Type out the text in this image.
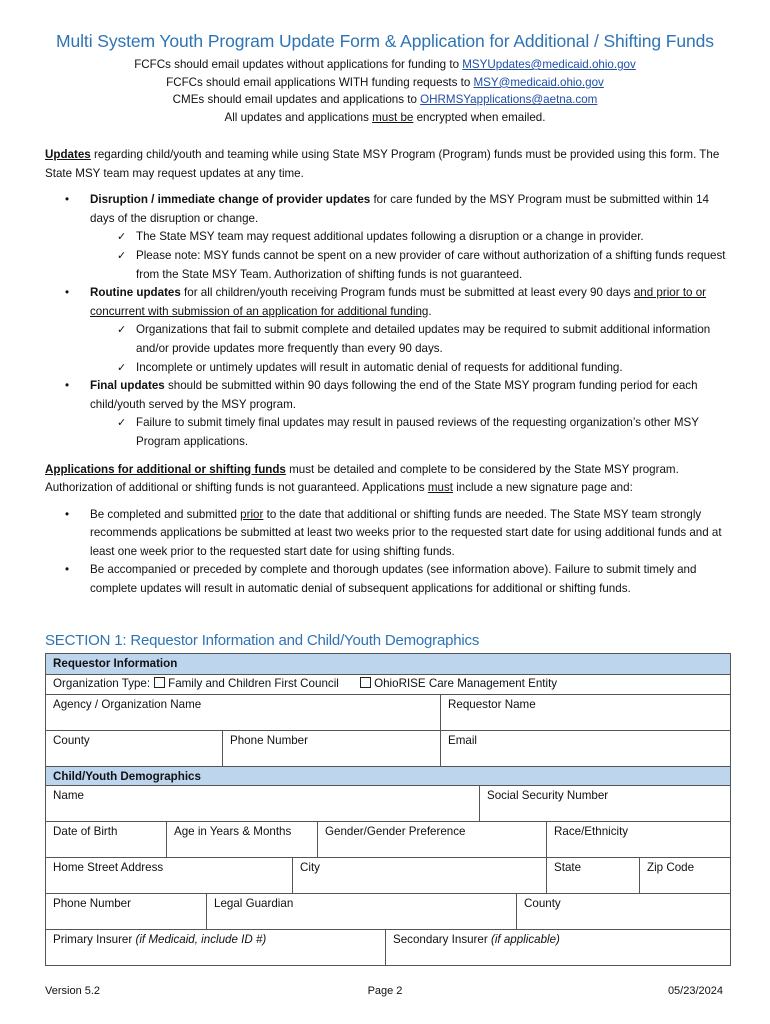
Multi System Youth Program Update Form & Application for Additional / Shifting Funds
FCFCs should email updates without applications for funding to MSYUpdates@medicaid.ohio.gov
FCFCs should email applications WITH funding requests to MSY@medicaid.ohio.gov
CMEs should email updates and applications to OHRMSYapplications@aetna.com
All updates and applications must be encrypted when emailed.
Updates regarding child/youth and teaming while using State MSY Program (Program) funds must be provided using this form. The State MSY team may request updates at any time.
• Disruption / immediate change of provider updates for care funded by the MSY Program must be submitted within 14 days of the disruption or change.
✓ The State MSY team may request additional updates following a disruption or a change in provider.
✓ Please note: MSY funds cannot be spent on a new provider of care without authorization of a shifting funds request from the State MSY Team. Authorization of shifting funds is not guaranteed.
• Routine updates for all children/youth receiving Program funds must be submitted at least every 90 days and prior to or concurrent with submission of an application for additional funding.
✓ Organizations that fail to submit complete and detailed updates may be required to submit additional information and/or provide updates more frequently than every 90 days.
✓ Incomplete or untimely updates will result in automatic denial of requests for additional funding.
• Final updates should be submitted within 90 days following the end of the State MSY program funding period for each child/youth served by the MSY program.
✓ Failure to submit timely final updates may result in paused reviews of the requesting organization’s other MSY Program applications.
Applications for additional or shifting funds must be detailed and complete to be considered by the State MSY program. Authorization of additional or shifting funds is not guaranteed. Applications must include a new signature page and:
• Be completed and submitted prior to the date that additional or shifting funds are needed. The State MSY team strongly recommends applications be submitted at least two weeks prior to the requested start date for using additional funds and at least one week prior to the requested start date for using shifting funds.
• Be accompanied or preceded by complete and thorough updates (see information above). Failure to submit timely and complete updates will result in automatic denial of subsequent applications for additional or shifting funds.
SECTION 1: Requestor Information and Child/Youth Demographics
Requestor Information
Organization Type: Family and Children First Council	OhioRISE Care Management Entity
Agency / Organization Name	Requestor Name
County	Phone Number	Email
Child/Youth Demographics
Name	Social Security Number
Date of Birth	Age in Years & Months	Gender/Gender Preference	Race/Ethnicity
Home Street Address	City	State	Zip Code
Phone Number	Legal Guardian	County
Primary Insurer (if Medicaid, include ID #)	Secondary Insurer (if applicable)
Version 5.2	Page 2	05/23/2024
